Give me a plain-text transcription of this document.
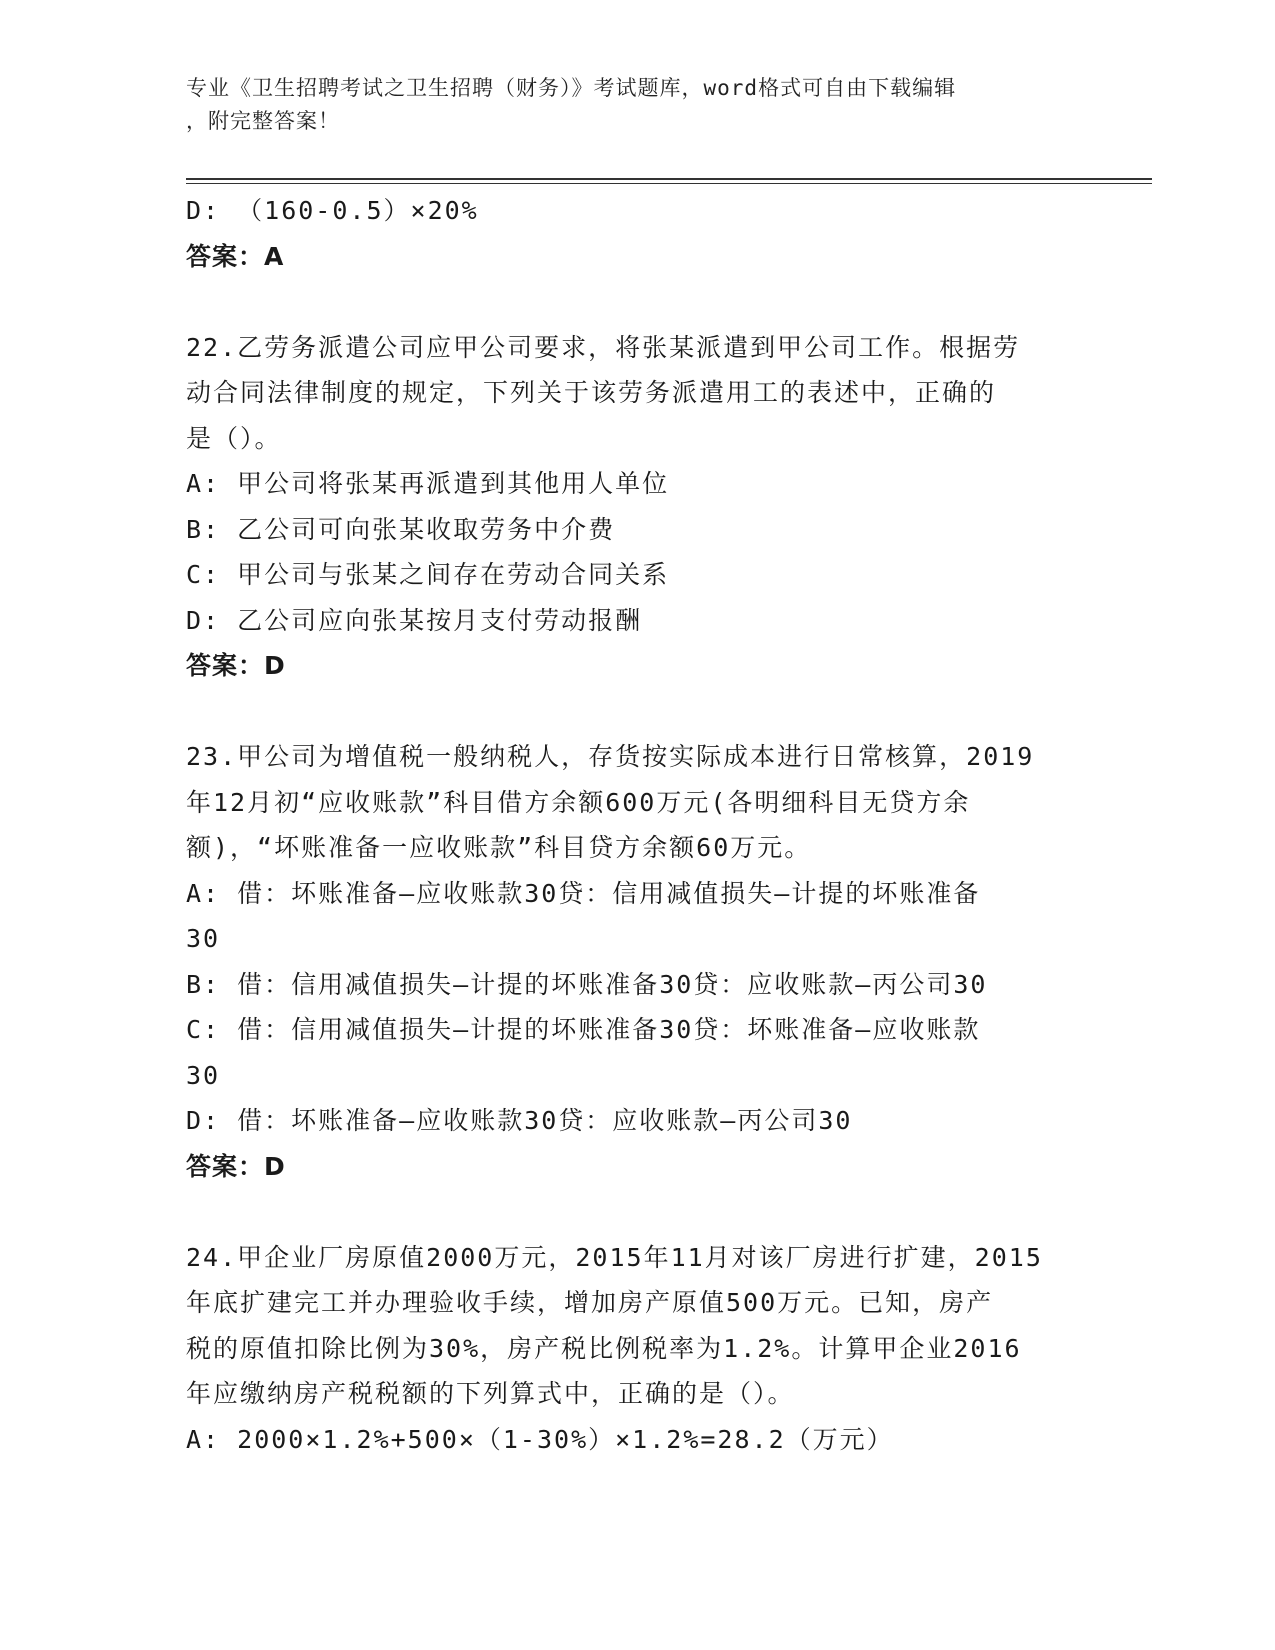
专业《卫生招聘考试之卫生招聘（财务）》考试题库，word格式可自由下载编辑
，附完整答案！
D: （160-0.5）×20%
答案：A
22.乙劳务派遣公司应甲公司要求，将张某派遣到甲公司工作。根据劳
动合同法律制度的规定，下列关于该劳务派遣用工的表述中，正确的
是（）。
A: 甲公司将张某再派遣到其他用人单位
B: 乙公司可向张某收取劳务中介费
C: 甲公司与张某之间存在劳动合同关系
D: 乙公司应向张某按月支付劳动报酬
答案：D
23.甲公司为增值税一般纳税人，存货按实际成本进行日常核算，2019
年12月初“应收账款”科目借方余额600万元(各明细科目无贷方余
额)，“坏账准备一应收账款”科目贷方余额60万元。
A: 借：坏账准备—应收账款30贷：信用减值损失—计提的坏账准备
30
B: 借：信用减值损失—计提的坏账准备30贷：应收账款—丙公司30
C: 借：信用减值损失—计提的坏账准备30贷：坏账准备—应收账款
30
D: 借：坏账准备—应收账款30贷：应收账款—丙公司30
答案：D
24.甲企业厂房原值2000万元，2015年11月对该厂房进行扩建，2015
年底扩建完工并办理验收手续，增加房产原值500万元。已知，房产
税的原值扣除比例为30%，房产税比例税率为1.2%。计算甲企业2016
年应缴纳房产税税额的下列算式中，正确的是（）。
A: 2000×1.2%+500×（1-30%）×1.2%=28.2（万元）
